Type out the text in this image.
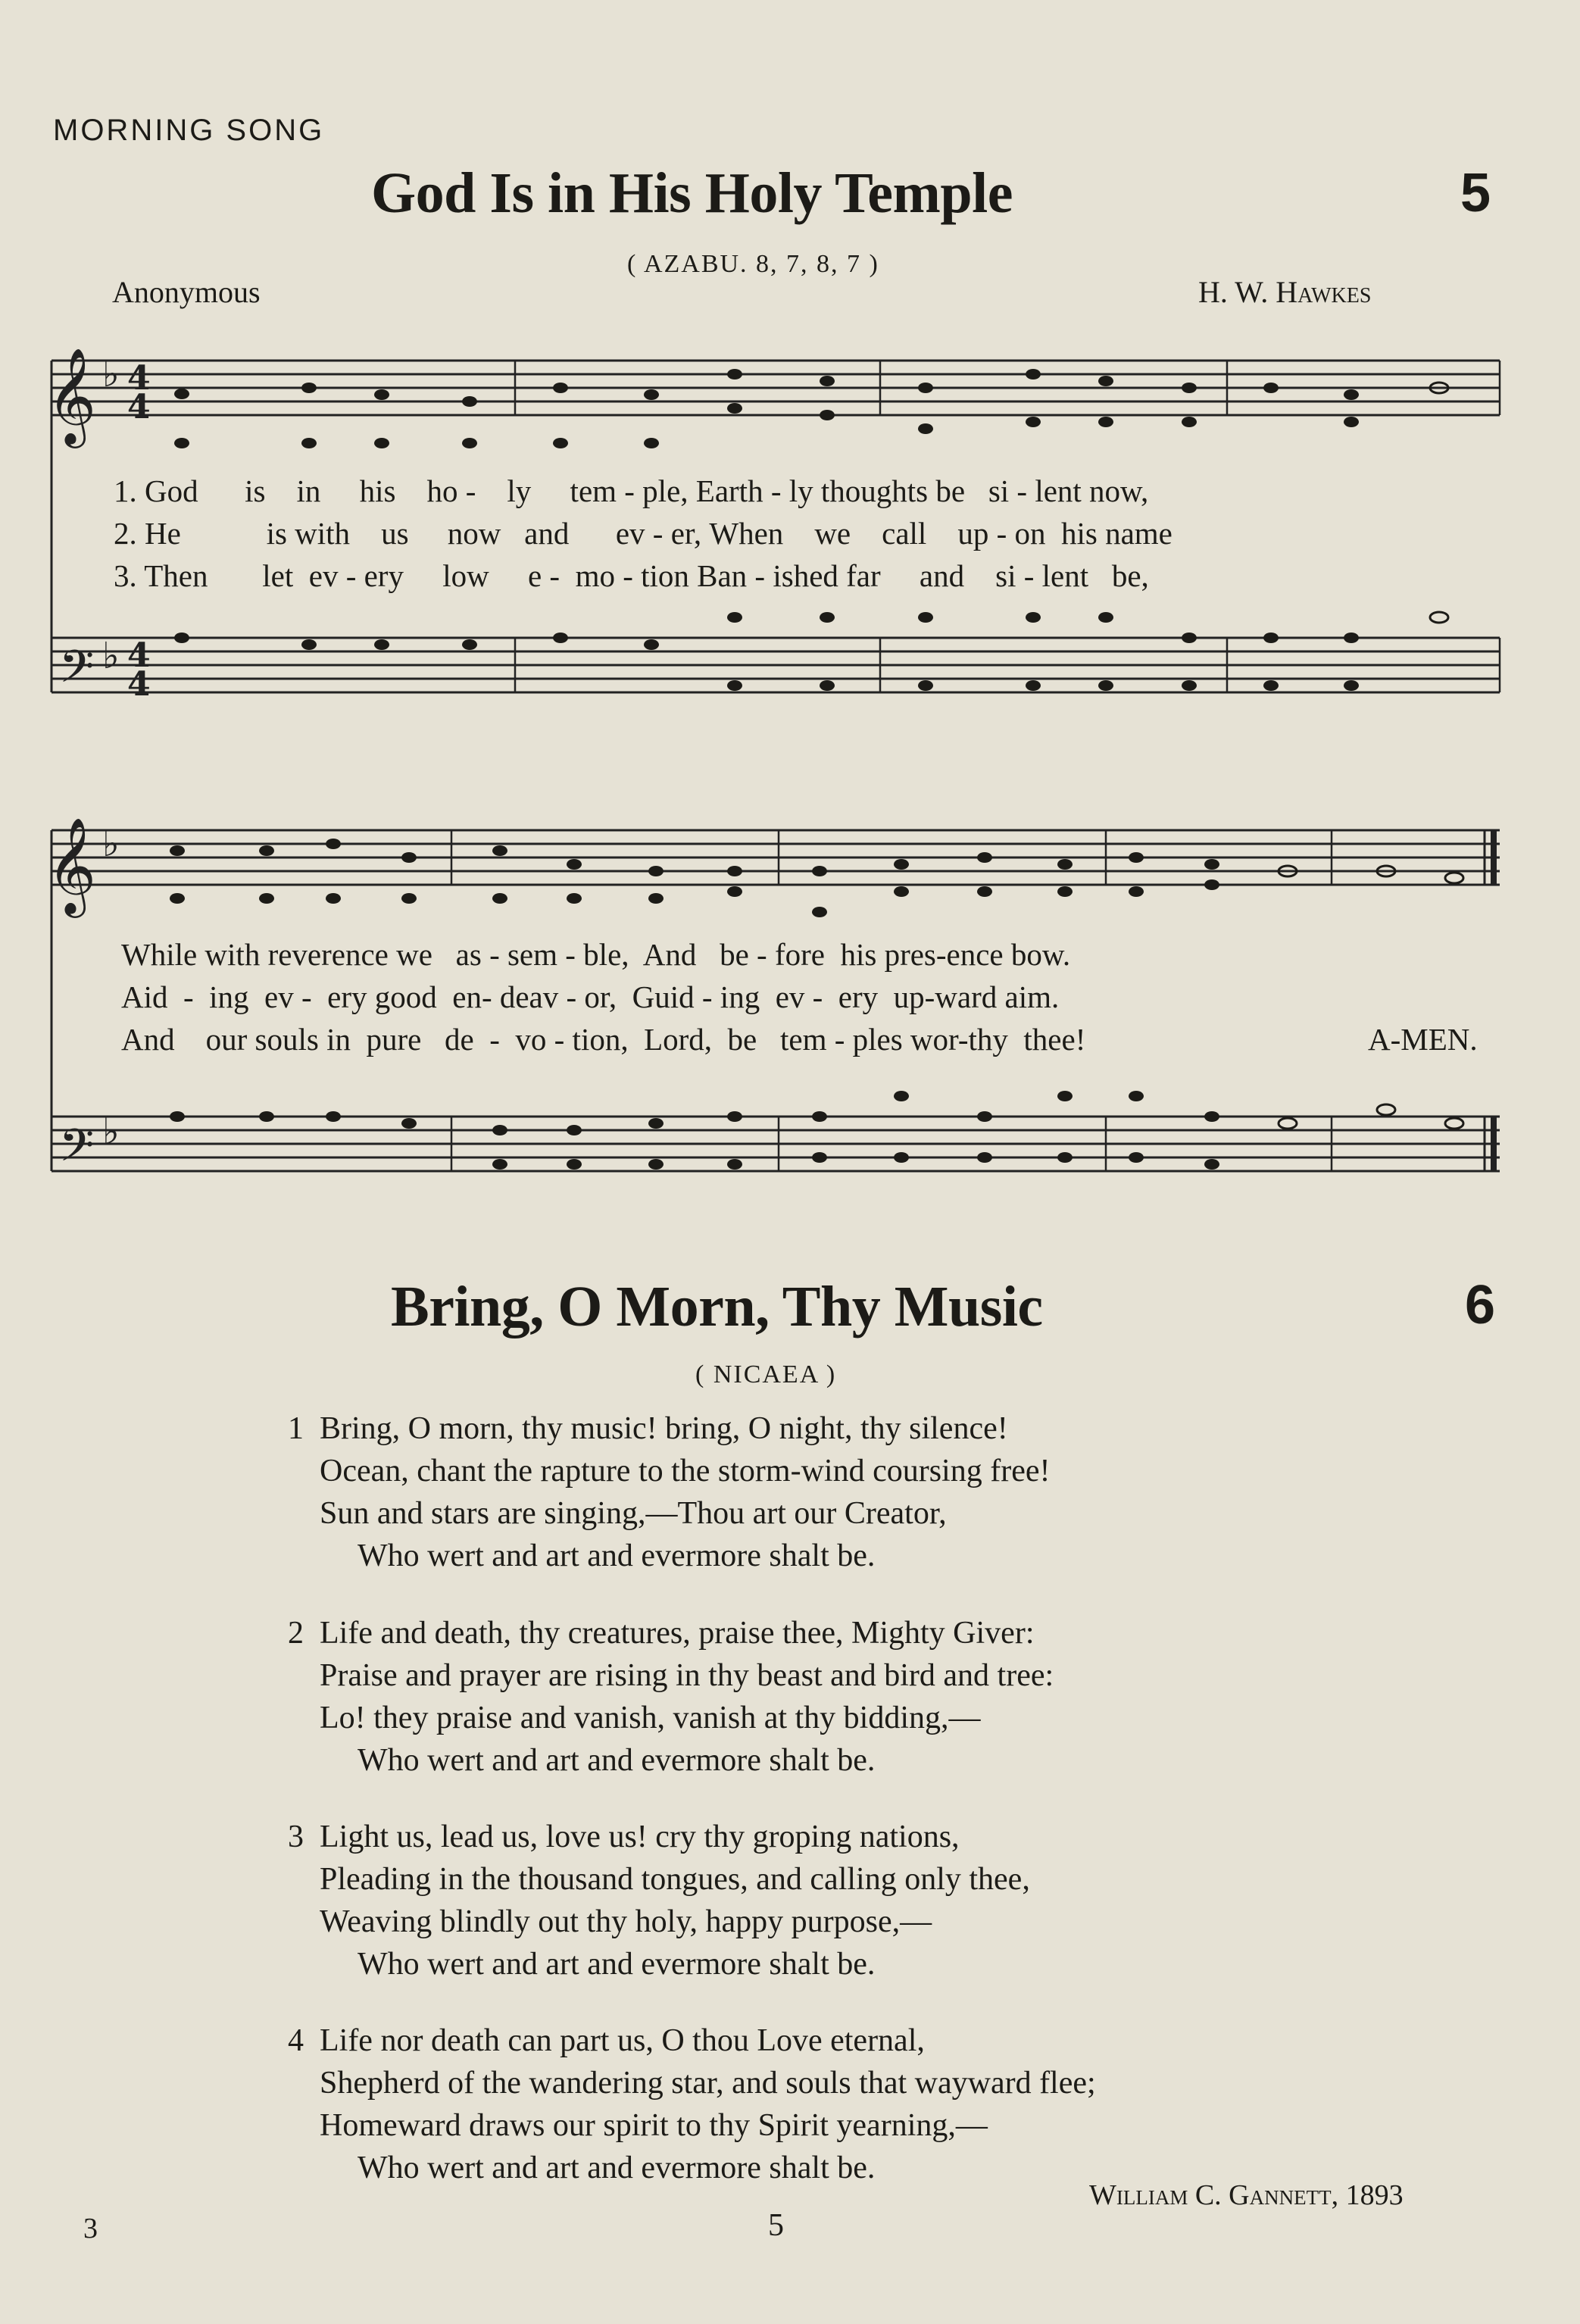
MORNING SONG
God Is in His Holy Temple	5
( AZABU. 8, 7, 8, 7 )
Anonymous	H. W. Hawkes
𝄞
𝄢
𝄞
𝄢
♭
♭
♭
♭
4
4
4
4
1. God is in his ho - ly tem - ple, Earth - ly thoughts be si - lent now,
2. He	is with us now and ev - er, When we call up - on his name
3. Then let ev - ery low e - mo - tion Ban - ished far and si - lent be,
While with reverence we   as - sem - ble,  And   be - fore  his pres-ence bow.
Aid  -  ing  ev -  ery good  en- deav - or,  Guid - ing  ev -  ery  up-ward aim.
And    our souls in  pure   de  -  vo - tion,  Lord,  be   tem - ples wor-thy  thee!	A-MEN.
Bring, O Morn, Thy Music	6
( NICAEA )
1 Bring, O morn, thy music! bring, O night, thy silence!
Ocean, chant the rapture to the storm-wind coursing free!
Sun and stars are singing,—Thou art our Creator,
Who wert and art and evermore shalt be.
2 Life and death, thy creatures, praise thee, Mighty Giver:
Praise and prayer are rising in thy beast and bird and tree:
Lo! they praise and vanish, vanish at thy bidding,—
Who wert and art and evermore shalt be.
3 Light us, lead us, love us! cry thy groping nations,
Pleading in the thousand tongues, and calling only thee,
Weaving blindly out thy holy, happy purpose,—
Who wert and art and evermore shalt be.
4 Life nor death can part us, O thou Love eternal,
Shepherd of the wandering star, and souls that wayward flee;
Homeward draws our spirit to thy Spirit yearning,—
Who wert and art and evermore shalt be.
William C. Gannett, 1893
3	5
